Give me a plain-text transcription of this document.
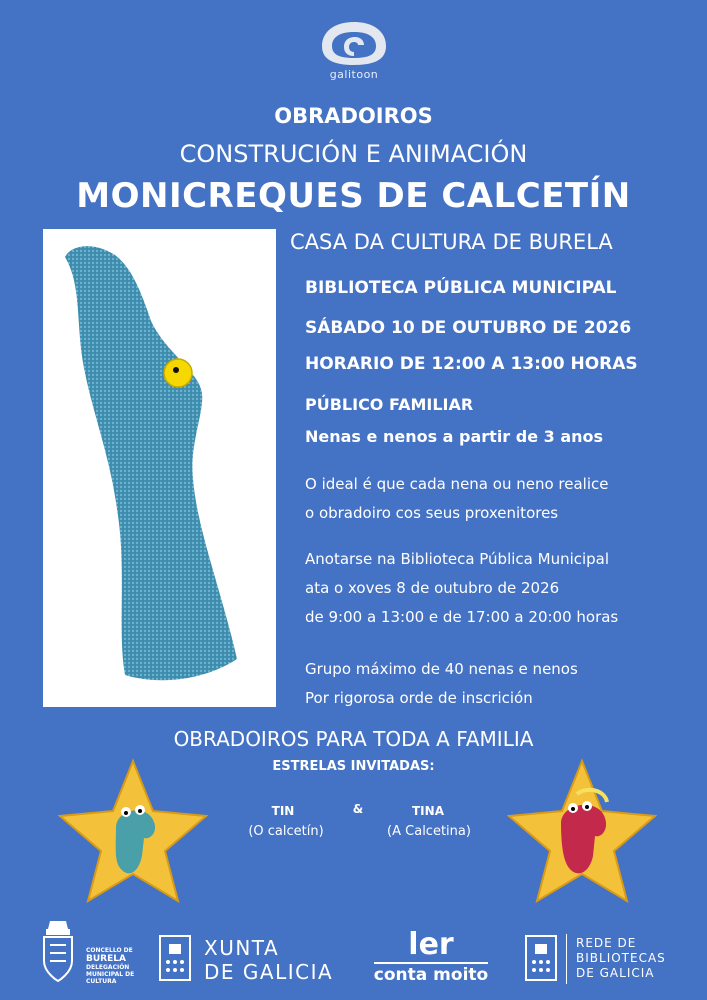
galitoon
OBRADOIROS
CONSTRUCIÓN E ANIMACIÓN
MONICREQUES DE CALCETÍN
CASA DA CULTURA DE BURELA
BIBLIOTECA PÚBLICA MUNICIPAL
SÁBADO 10 DE OUTUBRO DE 2026
HORARIO DE 12:00 A 13:00 HORAS
PÚBLICO FAMILIAR
Nenas e nenos a partir de 3 anos
O ideal é que cada nena ou neno realice
o obradoiro cos seus proxenitores
Anotarse na Biblioteca Pública Municipal
ata o xoves 8 de outubro de 2026
de 9:00 a 13:00 e de 17:00 a 20:00 horas
Grupo máximo de 40 nenas e nenos
Por rigorosa orde de inscrición
OBRADOIROS PARA TODA A FAMILIA
ESTRELAS INVITADAS:
TIN	&	TINA
(O calcetín)	(A Calcetina)
CONCELLO DE
BURELA
DELEGACIÓN
MUNICIPAL DE
CULTURA
XUNTA
DE GALICIA
ler
conta moito
REDE DE
BIBLIOTECAS
DE GALICIA
